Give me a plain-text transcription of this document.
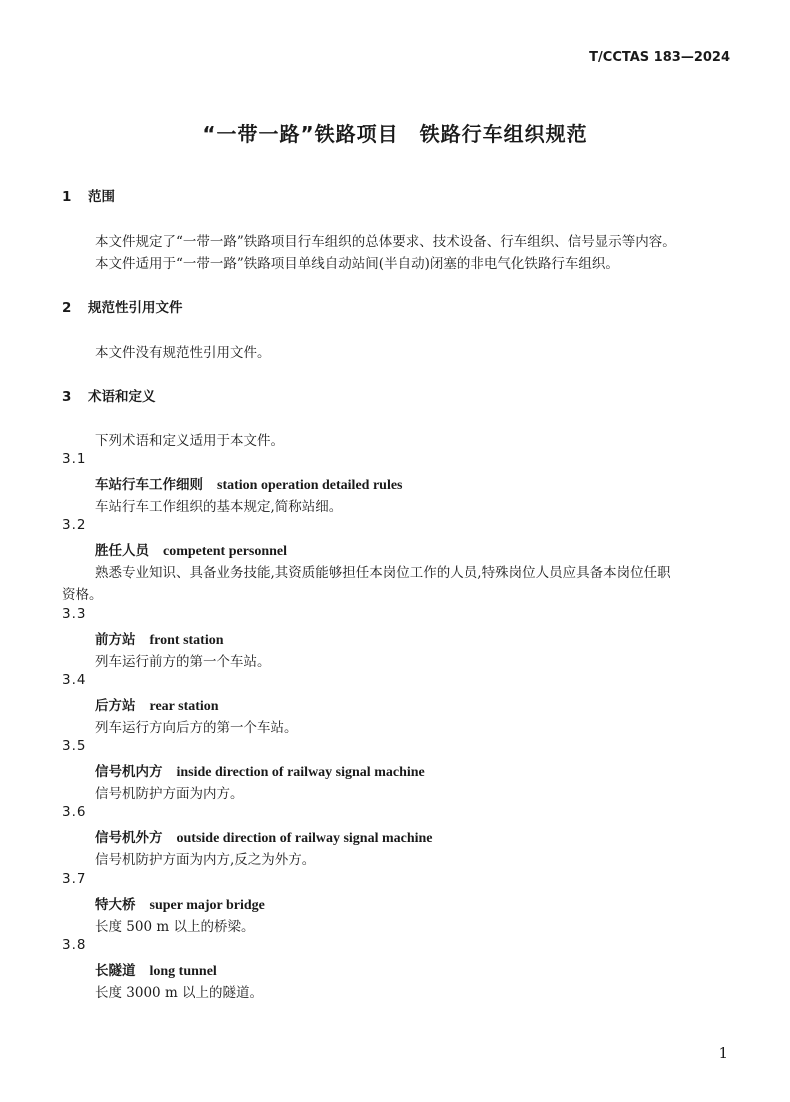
T/CCTAS 183—2024
“一带一路”铁路项目　铁路行车组织规范
1 范围
本文件规定了“一带一路”铁路项目行车组织的总体要求、技术设备、行车组织、信号显示等内容。
本文件适用于“一带一路”铁路项目单线自动站间(半自动)闭塞的非电气化铁路行车组织。
2 规范性引用文件
本文件没有规范性引用文件。
3 术语和定义
下列术语和定义适用于本文件。
3.1
车站行车工作细则 station operation detailed rules
车站行车工作组织的基本规定,简称站细。
3.2
胜任人员 competent personnel
熟悉专业知识、具备业务技能,其资质能够担任本岗位工作的人员,特殊岗位人员应具备本岗位任职
资格。
3.3
前方站 front station
列车运行前方的第一个车站。
3.4
后方站 rear station
列车运行方向后方的第一个车站。
3.5
信号机内方 inside direction of railway signal machine
信号机防护方面为内方。
3.6
信号机外方 outside direction of railway signal machine
信号机防护方面为内方,反之为外方。
3.7
特大桥 super major bridge
长度 500 m 以上的桥梁。
3.8
长隧道 long tunnel
长度 3000 m 以上的隧道。
1
